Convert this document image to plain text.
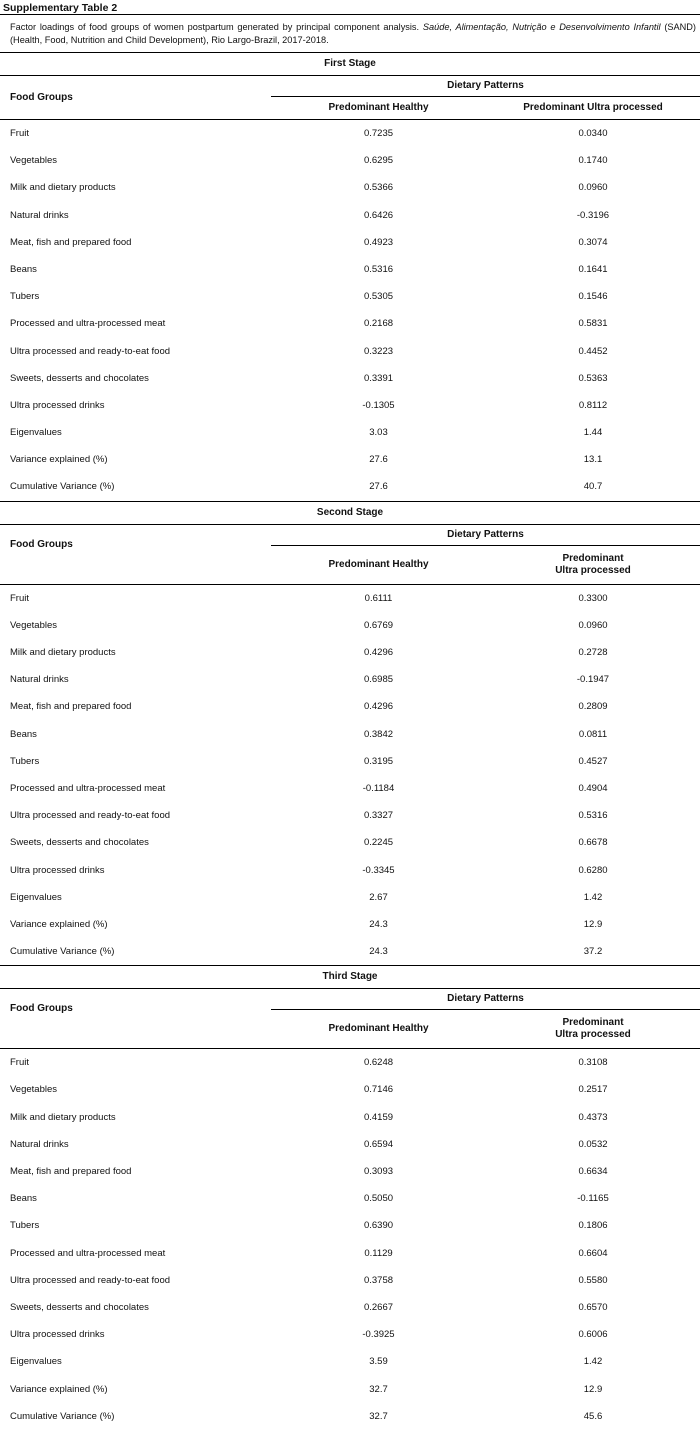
Supplementary Table 2
Factor loadings of food groups of women postpartum generated by principal component analysis. Saúde, Alimentação, Nutrição e Desenvolvimento Infantil (SAND) (Health, Food, Nutrition and Child Development), Rio Largo-Brazil, 2017-2018.
First Stage
Food Groups
Dietary Patterns
Predominant Healthy	Predominant Ultra processed
Fruit	0.7235	0.0340
Vegetables	0.6295	0.1740
Milk and dietary products	0.5366	0.0960
Natural drinks	0.6426	-0.3196
Meat, fish and prepared food	0.4923	0.3074
Beans	0.5316	0.1641
Tubers	0.5305	0.1546
Processed and ultra-processed meat	0.2168	0.5831
Ultra processed and ready-to-eat food	0.3223	0.4452
Sweets, desserts and chocolates	0.3391	0.5363
Ultra processed drinks	-0.1305	0.8112
Eigenvalues	3.03	1.44
Variance explained (%)	27.6	13.1
Cumulative Variance (%)	27.6	40.7
Second Stage
Food Groups
Dietary Patterns
Predominant Healthy
Predominant
Ultra processed
Fruit	0.6111	0.3300
Vegetables	0.6769	0.0960
Milk and dietary products	0.4296	0.2728
Natural drinks	0.6985	-0.1947
Meat, fish and prepared food	0.4296	0.2809
Beans	0.3842	0.0811
Tubers	0.3195	0.4527
Processed and ultra-processed meat	-0.1184	0.4904
Ultra processed and ready-to-eat food	0.3327	0.5316
Sweets, desserts and chocolates	0.2245	0.6678
Ultra processed drinks	-0.3345	0.6280
Eigenvalues	2.67	1.42
Variance explained (%)	24.3	12.9
Cumulative Variance (%)	24.3	37.2
Third Stage
Food Groups
Dietary Patterns
Predominant Healthy
Predominant
Ultra processed
Fruit	0.6248	0.3108
Vegetables	0.7146	0.2517
Milk and dietary products	0.4159	0.4373
Natural drinks	0.6594	0.0532
Meat, fish and prepared food	0.3093	0.6634
Beans	0.5050	-0.1165
Tubers	0.6390	0.1806
Processed and ultra-processed meat	0.1129	0.6604
Ultra processed and ready-to-eat food	0.3758	0.5580
Sweets, desserts and chocolates	0.2667	0.6570
Ultra processed drinks	-0.3925	0.6006
Eigenvalues	3.59	1.42
Variance explained (%)	32.7	12.9
Cumulative Variance (%)	32.7	45.6
